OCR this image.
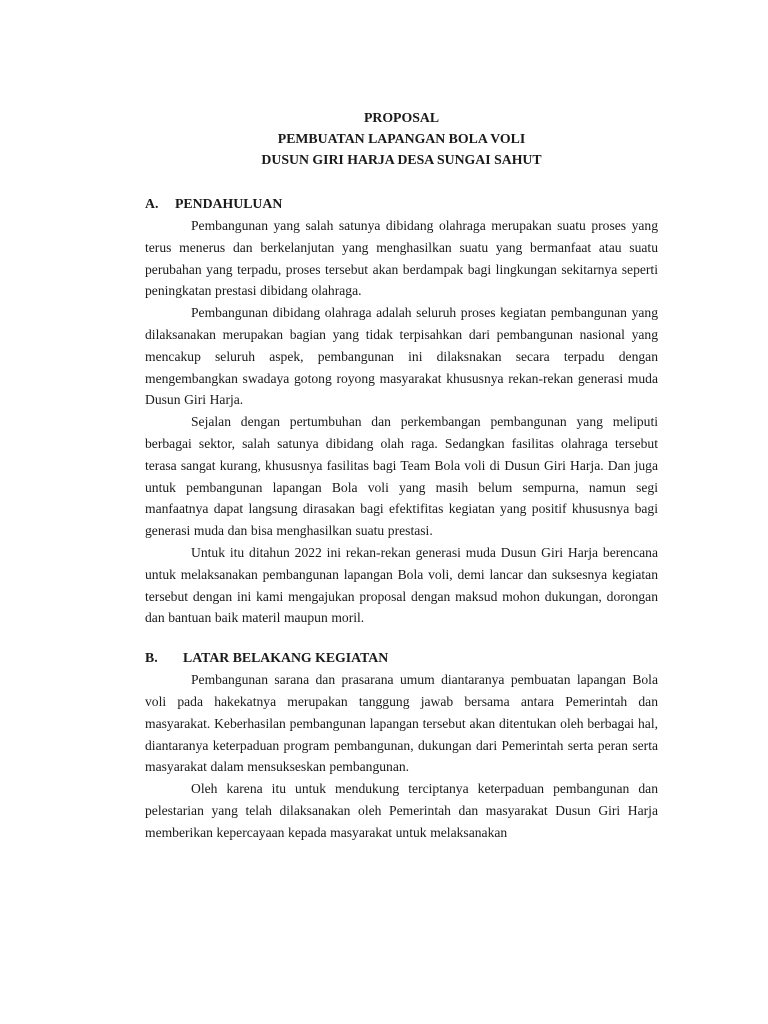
PROPOSAL
PEMBUATAN LAPANGAN BOLA VOLI
DUSUN GIRI HARJA DESA SUNGAI SAHUT
A.	PENDAHULUAN

Pembangunan yang salah satunya dibidang olahraga merupakan suatu proses yang terus menerus dan berkelanjutan yang menghasilkan suatu yang bermanfaat atau suatu perubahan yang terpadu, proses tersebut akan berdampak bagi lingkungan sekitarnya seperti peningkatan prestasi dibidang olahraga.

Pembangunan dibidang olahraga adalah seluruh proses kegiatan pembangunan yang dilaksanakan merupakan bagian yang tidak terpisahkan dari pembangunan nasional yang mencakup seluruh aspek, pembangunan ini dilaksnakan secara terpadu dengan mengembangkan swadaya gotong royong masyarakat khususnya rekan-rekan generasi muda Dusun Giri Harja.

Sejalan dengan pertumbuhan dan perkembangan pembangunan yang meliputi berbagai sektor, salah satunya dibidang olah raga. Sedangkan fasilitas olahraga tersebut terasa sangat kurang, khususnya fasilitas bagi Team Bola voli di Dusun Giri Harja. Dan juga untuk pembangunan lapangan Bola voli yang masih belum sempurna, namun segi manfaatnya dapat langsung dirasakan bagi efektifitas kegiatan yang positif khususnya bagi generasi muda dan bisa menghasilkan suatu prestasi.

Untuk itu ditahun 2022 ini rekan-rekan generasi muda Dusun Giri Harja berencana untuk melaksanakan pembangunan lapangan Bola voli, demi lancar dan suksesnya kegiatan tersebut dengan ini kami mengajukan proposal dengan maksud mohon dukungan, dorongan dan bantuan baik materil maupun moril.

B.	LATAR BELAKANG KEGIATAN

Pembangunan sarana dan prasarana umum diantaranya pembuatan lapangan Bola voli pada hakekatnya merupakan tanggung jawab bersama antara Pemerintah dan masyarakat. Keberhasilan pembangunan lapangan tersebut akan ditentukan oleh berbagai hal, diantaranya keterpaduan program pembangunan, dukungan dari Pemerintah serta peran serta masyarakat dalam mensukseskan pembangunan.

Oleh karena itu untuk mendukung terciptanya keterpaduan pembangunan dan pelestarian yang telah dilaksanakan oleh Pemerintah dan masyarakat Dusun Giri Harja memberikan kepercayaan kepada masyarakat untuk melaksanakan
